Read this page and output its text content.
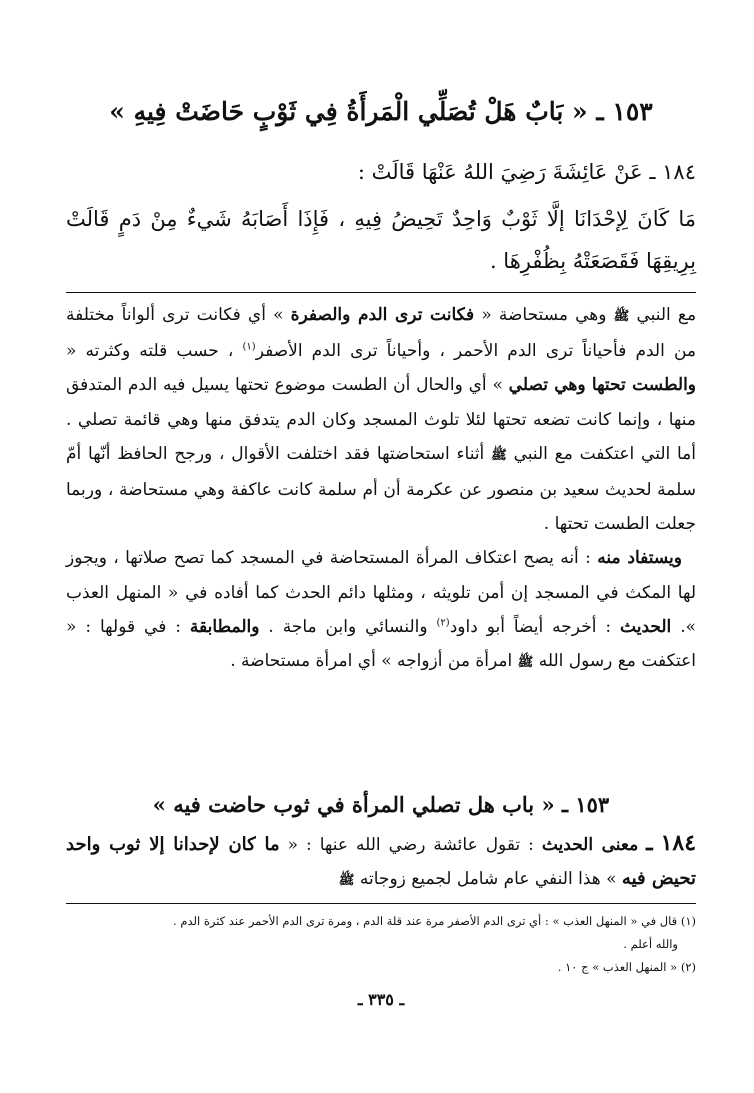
١٥٣ ـ « بَابٌ هَلْ تُصَلِّي الْمَرأَةُ فِي ثَوْبٍ حَاضَتْ فِيهِ »
١٨٤ ـ عَنْ عَائِشَةَ رَضِيَ اللهُ عَنْهَا قَالَتْ :
مَا كَانَ لِإحْدَانَا إلَّا ثَوْبٌ وَاحِدٌ تَحِيضُ فِيهِ ، فَإِذَا أَصَابَهُ شَيءٌ مِنْ دَمٍ قَالَتْ بِرِيقِهَا فَقَصَعَتْهُ بِظُفْرِهَا .

مع النبي ﷺ وهي مستحاضة « فكانت ترى الدم والصفرة » أي فكانت ترى ألواناً مختلفة من الدم فأحياناً ترى الدم الأحمر ، وأحياناً ترى الدم الأصفر$^{(١)}$ ، حسب قلته وكثرته « والطست تحتها وهي تصلي » أي والحال أن الطست موضوع تحتها يسيل فيه الدم المتدفق منها ، وإنما كانت تضعه تحتها لئلا تلوث المسجد وكان الدم يتدفق منها وهي قائمة تصلي . أما التي اعتكفت مع النبي ﷺ أثناء استحاضتها فقد اختلفت الأقوال ، ورجح الحافظ أنّها أمّ سلمة لحديث سعيد بن منصور عن عكرمة أن أم سلمة كانت عاكفة وهي مستحاضة ، وربما جعلت الطست تحتها .

ويستفاد منه : أنه يصح اعتكاف المرأة المستحاضة في المسجد كما تصح صلاتها ، ويجوز لها المكث في المسجد إن أمن تلويثه ، ومثلها دائم الحدث كما أفاده في « المنهل العذب ». الحديث : أخرجه أيضاً أبو داود$^{(٢)}$ والنسائي وابن ماجة . والمطابقة : في قولها : « اعتكفت مع رسول الله ﷺ امرأة من أزواجه » أي امرأة مستحاضة .

١٥٣ ـ « باب هل تصلي المرأة في ثوب حاضت فيه »
١٨٤ ـ معنى الحديث : تقول عائشة رضي الله عنها : « ما كان لإحدانا إلا ثوب واحد تحيض فيه » هذا النفي عام شامل لجميع زوجاته ﷺ

(١) قال في « المنهل العذب » : أي ترى الدم الأصفر مرة عند قلة الدم ، ومرة ترى الدم الأحمر عند كثرة الدم .

والله أعلم .

(٢) « المنهل العذب » ج ١٠ .

ـ ٣٣٥ ـ
